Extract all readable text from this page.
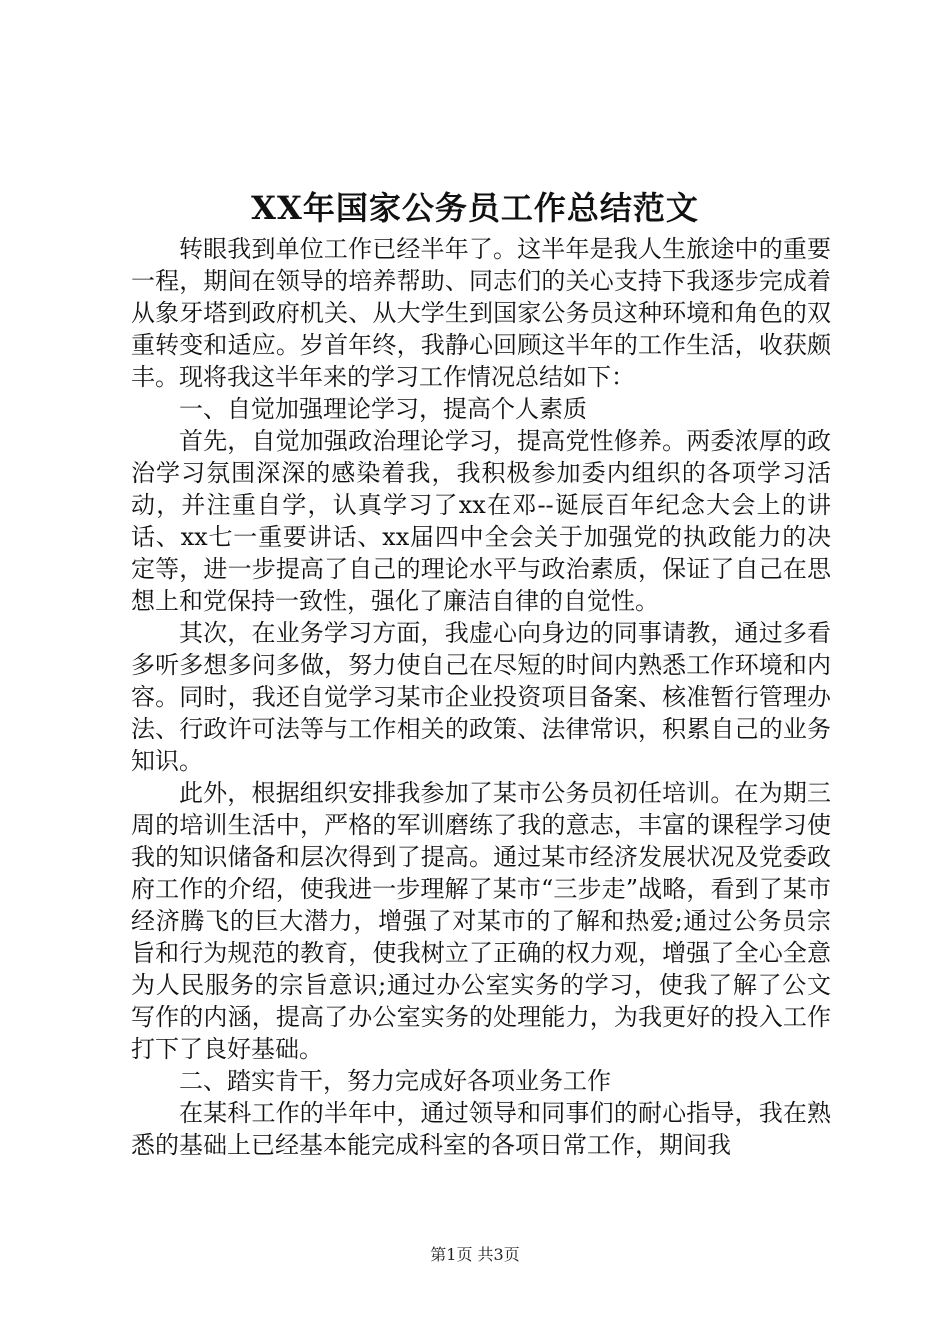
XX年国家公务员工作总结范文

转眼我到单位工作已经半年了。这半年是我人生旅途中的重要一程，期间在领导的培养帮助、同志们的关心支持下我逐步完成着从象牙塔到政府机关、从大学生到国家公务员这种环境和角色的双重转变和适应。岁首年终，我静心回顾这半年的工作生活，收获颇丰。现将我这半年来的学习工作情况总结如下：

一、自觉加强理论学习，提高个人素质

首先，自觉加强政治理论学习，提高党性修养。两委浓厚的政治学习氛围深深的感染着我，我积极参加委内组织的各项学习活动，并注重自学，认真学习了xx在邓--诞辰百年纪念大会上的讲话、xx七一重要讲话、xx届四中全会关于加强党的执政能力的决定等，进一步提高了自己的理论水平与政治素质，保证了自己在思想上和党保持一致性，强化了廉洁自律的自觉性。

其次，在业务学习方面，我虚心向身边的同事请教，通过多看多听多想多问多做，努力使自己在尽短的时间内熟悉工作环境和内容。同时，我还自觉学习某市企业投资项目备案、核准暂行管理办法、行政许可法等与工作相关的政策、法律常识，积累自己的业务知识。

此外，根据组织安排我参加了某市公务员初任培训。在为期三周的培训生活中，严格的军训磨练了我的意志，丰富的课程学习使我的知识储备和层次得到了提高。通过某市经济发展状况及党委政府工作的介绍，使我进一步理解了某市“三步走”战略，看到了某市经济腾飞的巨大潜力，增强了对某市的了解和热爱;通过公务员宗旨和行为规范的教育，使我树立了正确的权力观，增强了全心全意为人民服务的宗旨意识;通过办公室实务的学习，使我了解了公文写作的内涵，提高了办公室实务的处理能力，为我更好的投入工作打下了良好基础。

二、踏实肯干，努力完成好各项业务工作

在某科工作的半年中，通过领导和同事们的耐心指导，我在熟悉的基础上已经基本能完成科室的各项日常工作，期间我

第1页 共3页
